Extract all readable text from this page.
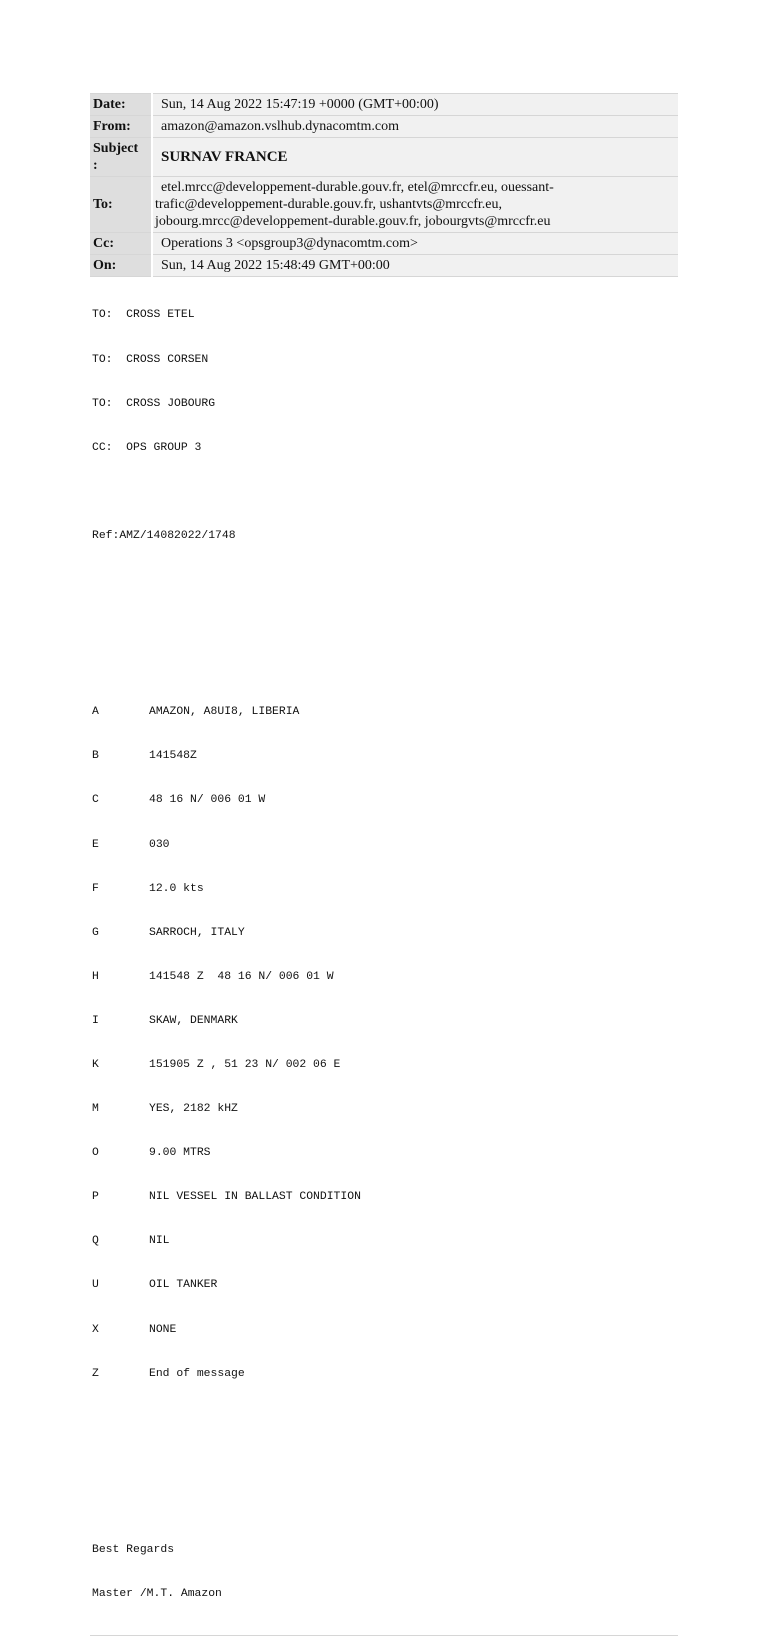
Date:	Sun, 14 Aug 2022 15:47:19 +0000 (GMT+00:00)
From:	amazon@amazon.vslhub.dynacomtm.com

Subject
:	SURNAV FRANCE
To:	etel.mrcc@developpement-durable.gouv.fr, etel@mrccfr.eu, ouessant-
trafic@developpement-durable.gouv.fr, ushantvts@mrccfr.eu,
jobourg.mrcc@developpement-durable.gouv.fr, jobourgvts@mrccfr.eu

Cc:	Operations 3 <opsgroup3@dynacomtm.com>
On:	Sun, 14 Aug 2022 15:48:49 GMT+00:00

TO:  CROSS ETEL

TO:  CROSS CORSEN

TO:  CROSS JOBOURG

CC:  OPS GROUP 3

Ref:AMZ/14082022/1748

A	AMAZON, A8UI8, LIBERIA

B	141548Z

C	48 16 N/ 006 01 W

E	030

F	12.0 kts

G	SARROCH, ITALY

H	141548 Z  48 16 N/ 006 01 W

I	SKAW, DENMARK

K	151905 Z , 51 23 N/ 002 06 E

M	YES, 2182 kHZ

O	9.00 MTRS

P	NIL VESSEL IN BALLAST CONDITION

Q	NIL

U	OIL TANKER

X	NONE

Z	End of message

Best Regards

Master /M.T. Amazon
